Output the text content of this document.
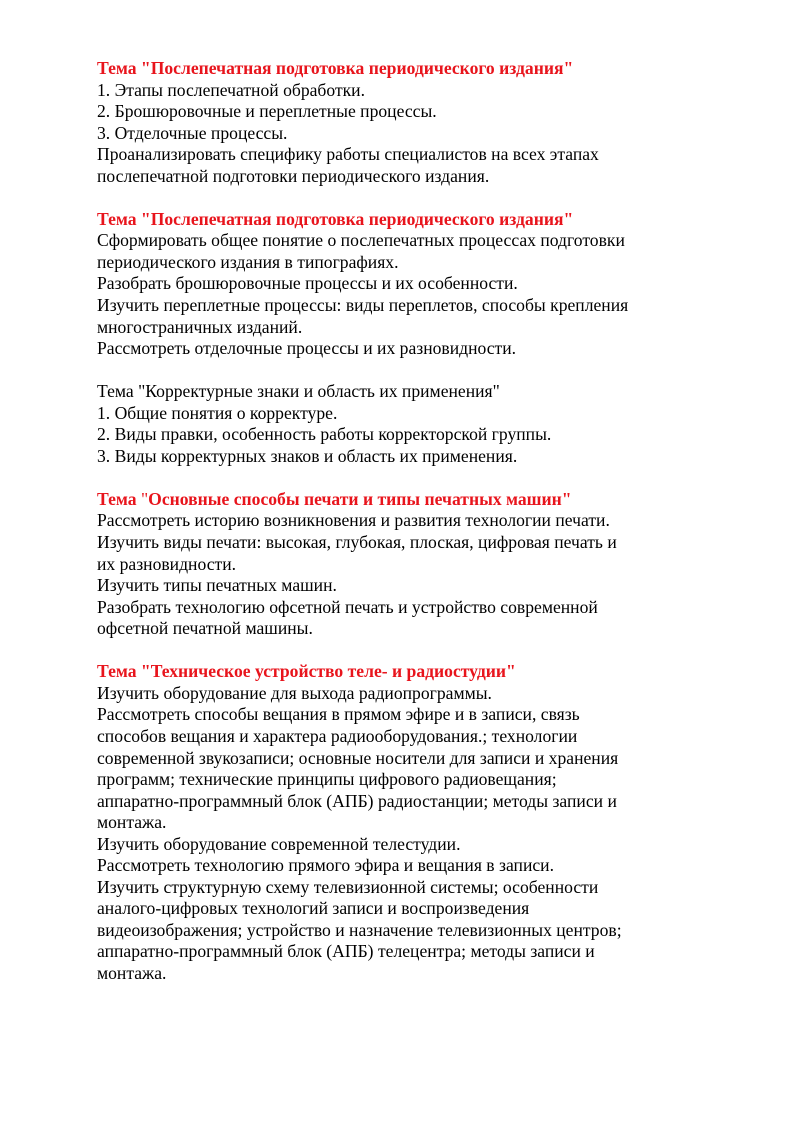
Тема "Послепечатная подготовка периодического издания"
1. Этапы послепечатной обработки.
2. Брошюровочные и переплетные процессы.
3. Отделочные процессы.
Проанализировать специфику работы специалистов на всех этапах
послепечатной подготовки периодического издания.
Тема "Послепечатная подготовка периодического издания"
Сформировать общее понятие о послепечатных процессах подготовки
периодического издания в типографиях.
Разобрать брошюровочные процессы и их особенности.
Изучить переплетные процессы: виды переплетов, способы крепления
многостраничных изданий.
Рассмотреть отделочные процессы и их разновидности.
Тема "Корректурные знаки и область их применения"
1. Общие понятия о корректуре.
2. Виды правки, особенность работы корректорской группы.
3. Виды корректурных знаков и область их применения.
Тема "Основные способы печати и типы печатных машин"
Рассмотреть историю возникновения и развития технологии печати.
Изучить виды печати: высокая, глубокая, плоская, цифровая печать и
их разновидности.
Изучить типы печатных машин.
Разобрать технологию офсетной печать и устройство современной
офсетной печатной машины.
Тема "Техническое устройство теле- и радиостудии"
Изучить оборудование для выхода радиопрограммы.
Рассмотреть способы вещания в прямом эфире и в записи, связь
способов вещания и характера радиооборудования.; технологии
современной звукозаписи; основные носители для записи и хранения
программ; технические принципы цифрового радиовещания;
аппаратно-программный блок (АПБ) радиостанции; методы записи и
монтажа.
Изучить оборудование современной телестудии.
Рассмотреть технологию прямого эфира и вещания в записи.
Изучить структурную схему телевизионной системы; особенности
аналого-цифровых технологий записи и воспроизведения
видеоизображения; устройство и назначение телевизионных центров;
аппаратно-программный блок (АПБ) телецентра; методы записи и
монтажа.
